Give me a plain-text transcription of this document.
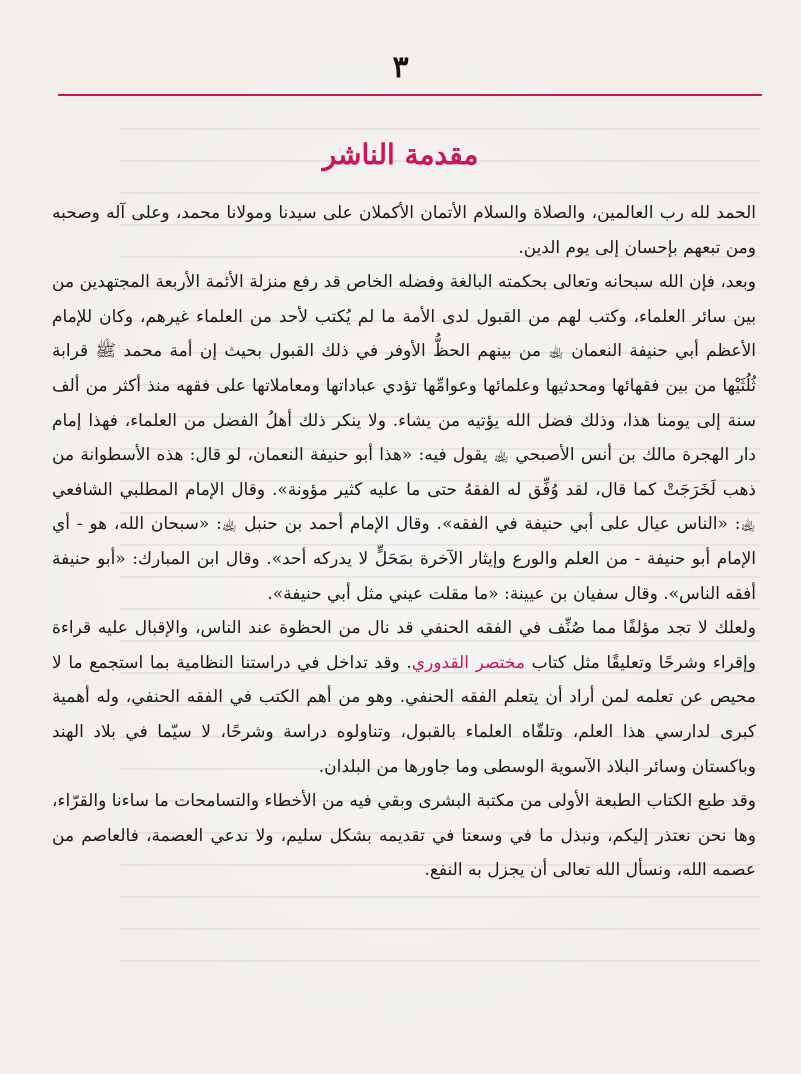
٣
مقدمة الناشر

الحمد لله رب العالمين، والصلاة والسلام الأتمان الأكملان على سيدنا ومولانا محمد، وعلى آله وصحبه ومن تبعهم بإحسان إلى يوم الدين.

وبعد، فإن الله سبحانه وتعالى بحكمته البالغة وفضله الخاص قد رفع منزلة الأئمة الأربعة المجتهدين من بين سائر العلماء، وكتب لهم من القبول لدى الأمة ما لم يُكتب لأحد من العلماء غيرهم، وكان للإمام الأعظم أبي حنيفة النعمان ﵀ من بينهم الحظُّ الأوفر في ذلك القبول بحيث إن أمة محمد ﷺ قرابة ثُلُثَيْها من بين فقهائها ومحدثيها وعلمائها وعوامِّها تؤدي عباداتها ومعاملاتها على فقهه منذ أكثر من ألف سنة إلى يومنا هذا، وذلك فضل الله يؤتيه من يشاء. ولا ينكر ذلك أهلُ الفضل من العلماء، فهذا إمام دار الهجرة مالك بن أنس الأصبحي ﵀ يقول فيه: «هذا أبو حنيفة النعمان، لو قال: هذه الأسطوانة من ذهب لَخَرَجَتْ كما قال، لقد وُفِّق له الفقهُ حتى ما عليه كثير مؤونة». وقال الإمام المطلبي الشافعي ﵀: «الناس عيال على أبي حنيفة في الفقه». وقال الإمام أحمد بن حنبل ﵀: «سبحان الله، هو - أي الإمام أبو حنيفة - من العلم والورع وإيثار الآخرة بمَحَلٍّ لا يدركه أحد». وقال ابن المبارك: «أبو حنيفة أفقه الناس». وقال سفيان بن عيينة: «ما مقلت عيني مثل أبي حنيفة».

ولعلك لا تجد مؤلفًا مما صُنِّف في الفقه الحنفي قد نال من الحظوة عند الناس، والإقبال عليه قراءة وإقراء وشرحًا وتعليقًا مثل كتاب مختصر القدوري. وقد تداخل في دراستنا النظامية بما استجمع ما لا محيص عن تعلمه لمن أراد أن يتعلم الفقه الحنفي. وهو من أهم الكتب في الفقه الحنفي، وله أهمية كبرى لدارسي هذا العلم، وتلقّاه العلماء بالقبول، وتناولوه دراسة وشرحًا، لا سيّما في بلاد الهند وباكستان وسائر البلاد الآسوية الوسطى وما جاورها من البلدان.

وقد طبع الكتاب الطبعة الأولى من مكتبة البشرى وبقي فيه من الأخطاء والتسامحات ما ساءنا والقرّاء، وها نحن نعتذر إليكم، ونبذل ما في وسعنا في تقديمه بشكل سليم، ولا ندعي العصمة، فالعاصم من عصمه الله، ونسأل الله تعالى أن يجزل به النفع.
